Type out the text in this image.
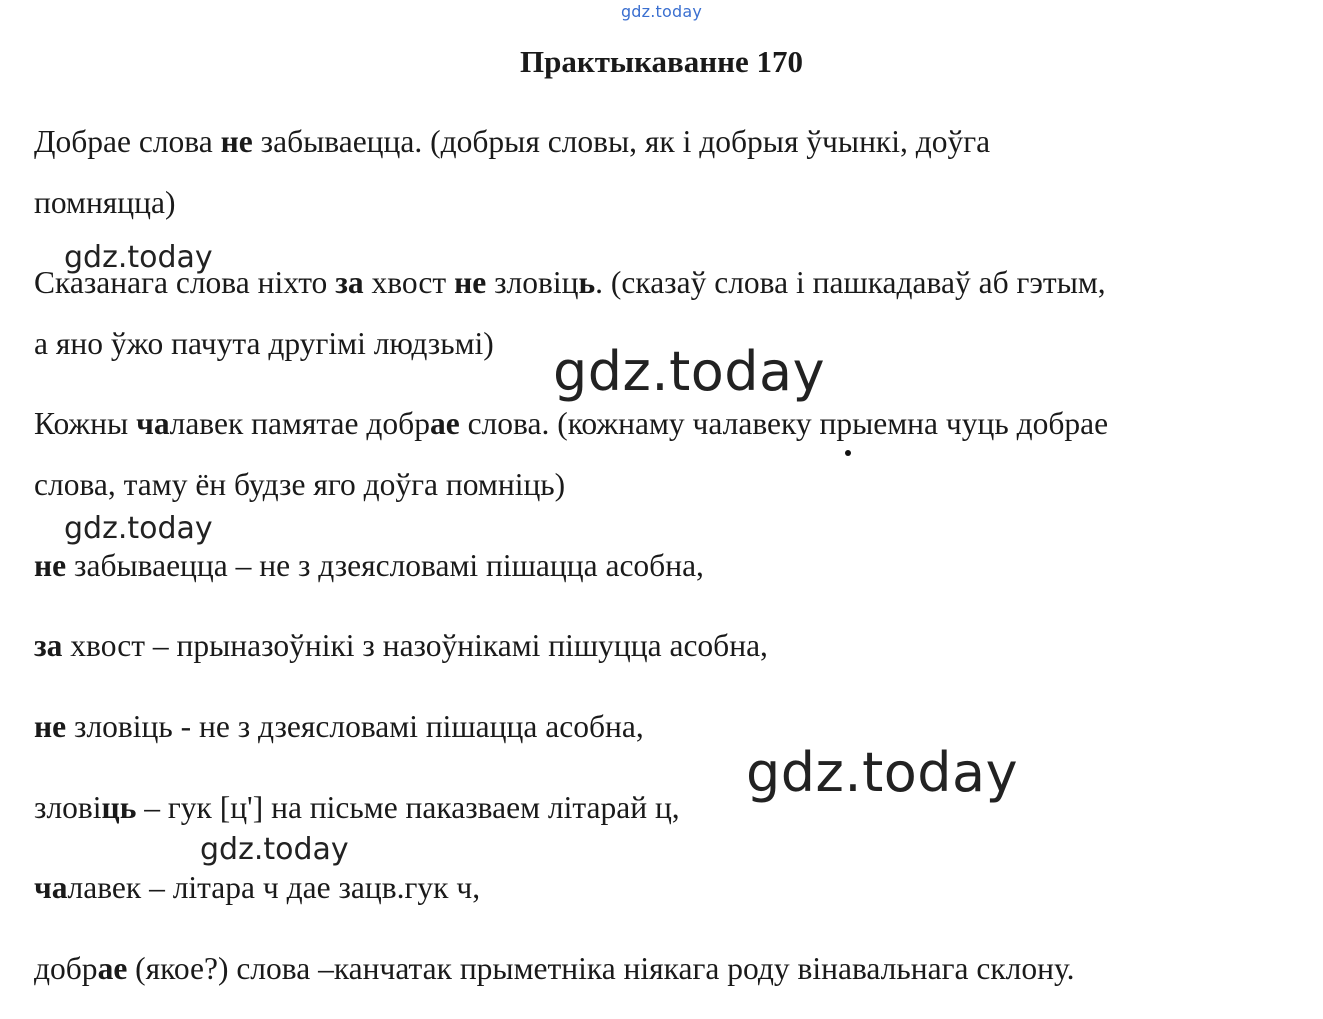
gdz.today
Практыкаванне 170
Добрае слова не забываецца. (добрыя словы, як і добрыя ўчынкі, доўга
помняцца)
Сказанага слова ніхто за хвост не зловіць. (сказаў слова і пашкадаваў аб гэтым,
а яно ўжо пачута другімі людзьмі)
Кожны чалавек памятае добрае слова. (кожнаму чалавеку прыемна чуць добрае
слова, таму ён будзе яго доўга помніць)
не забываецца – не з дзеясловамі пішацца асобна,
за хвост – прыназоўнікі з назоўнікамі пішуцца асобна,
не зловіць - не з дзеясловамі пішацца асобна,
зловіць – гук [ц'] на пісьме паказваем літарай ц,
чалавек – літара ч дае зацв.гук ч,
добрае (якое?) слова –канчатак прыметніка ніякага роду вінавальнага склону.
gdz.today
gdz.today
gdz.today
gdz.today
gdz.today
